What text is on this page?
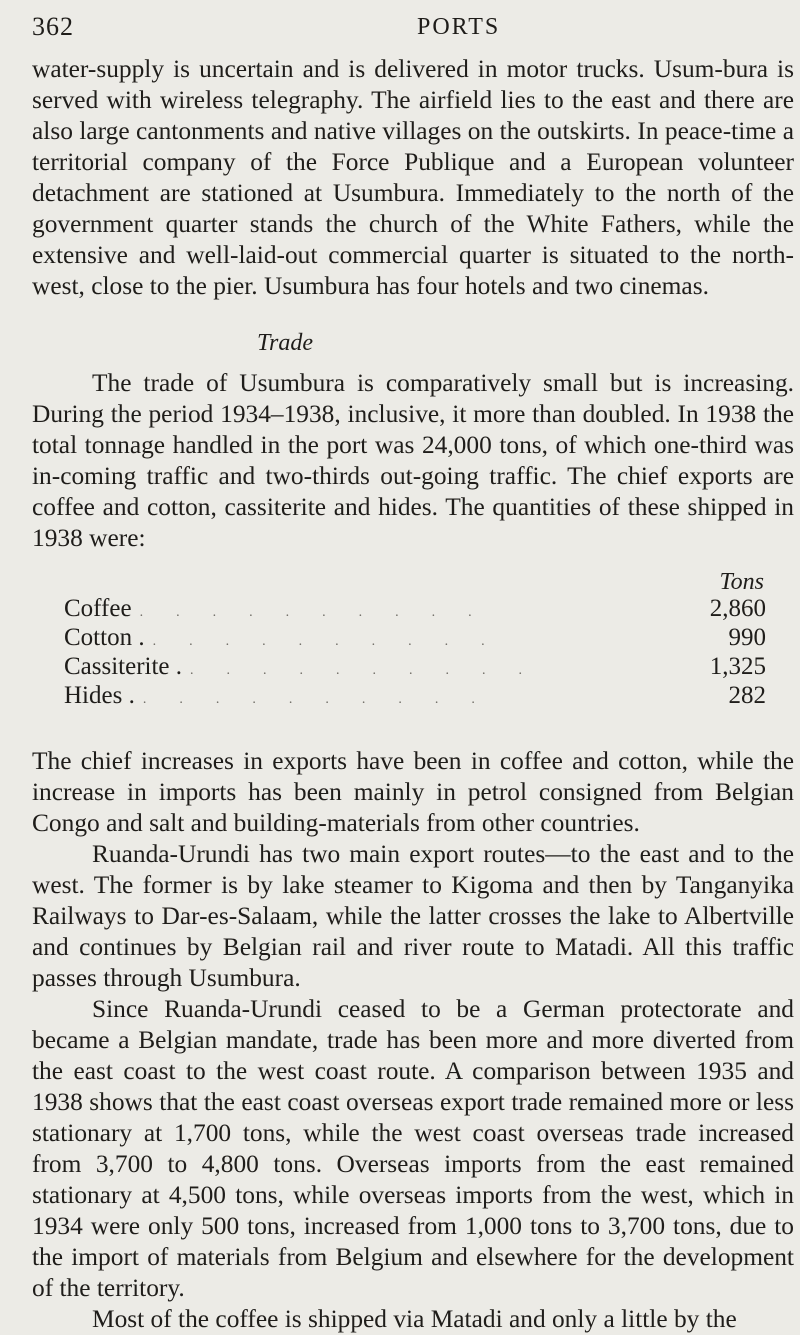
362	PORTS

water-supply is uncertain and is delivered in motor trucks. Usum-bura is served with wireless telegraphy. The airfield lies to the east and there are also large cantonments and native villages on the outskirts. In peace-time a territorial company of the Force Publique and a European volunteer detachment are stationed at Usumbura. Immediately to the north of the government quarter stands the church of the White Fathers, while the extensive and well-laid-out commercial quarter is situated to the north-west, close to the pier. Usumbura has four hotels and two cinemas.

Trade

The trade of Usumbura is comparatively small but is increasing. During the period 1934–1938, inclusive, it more than doubled. In 1938 the total tonnage handled in the port was 24,000 tons, of which one-third was in-coming traffic and two-thirds out-going traffic. The chief exports are coffee and cotton, cassiterite and hides. The quantities of these shipped in 1938 were:

Tons
Coffee ..........	2,860
Cotton . ..........	990
Cassiterite . ..........	1,325
Hides . ..........	282

The chief increases in exports have been in coffee and cotton, while the increase in imports has been mainly in petrol consigned from Belgian Congo and salt and building-materials from other countries.

Ruanda-Urundi has two main export routes—to the east and to the west. The former is by lake steamer to Kigoma and then by Tanganyika Railways to Dar-es-Salaam, while the latter crosses the lake to Albertville and continues by Belgian rail and river route to Matadi. All this traffic passes through Usumbura.

Since Ruanda-Urundi ceased to be a German protectorate and became a Belgian mandate, trade has been more and more diverted from the east coast to the west coast route. A comparison between 1935 and 1938 shows that the east coast overseas export trade remained more or less stationary at 1,700 tons, while the west coast overseas trade increased from 3,700 to 4,800 tons. Overseas imports from the east remained stationary at 4,500 tons, while overseas imports from the west, which in 1934 were only 500 tons, increased from 1,000 tons to 3,700 tons, due to the import of materials from Belgium and elsewhere for the development of the territory.

Most of the coffee is shipped via Matadi and only a little by the
